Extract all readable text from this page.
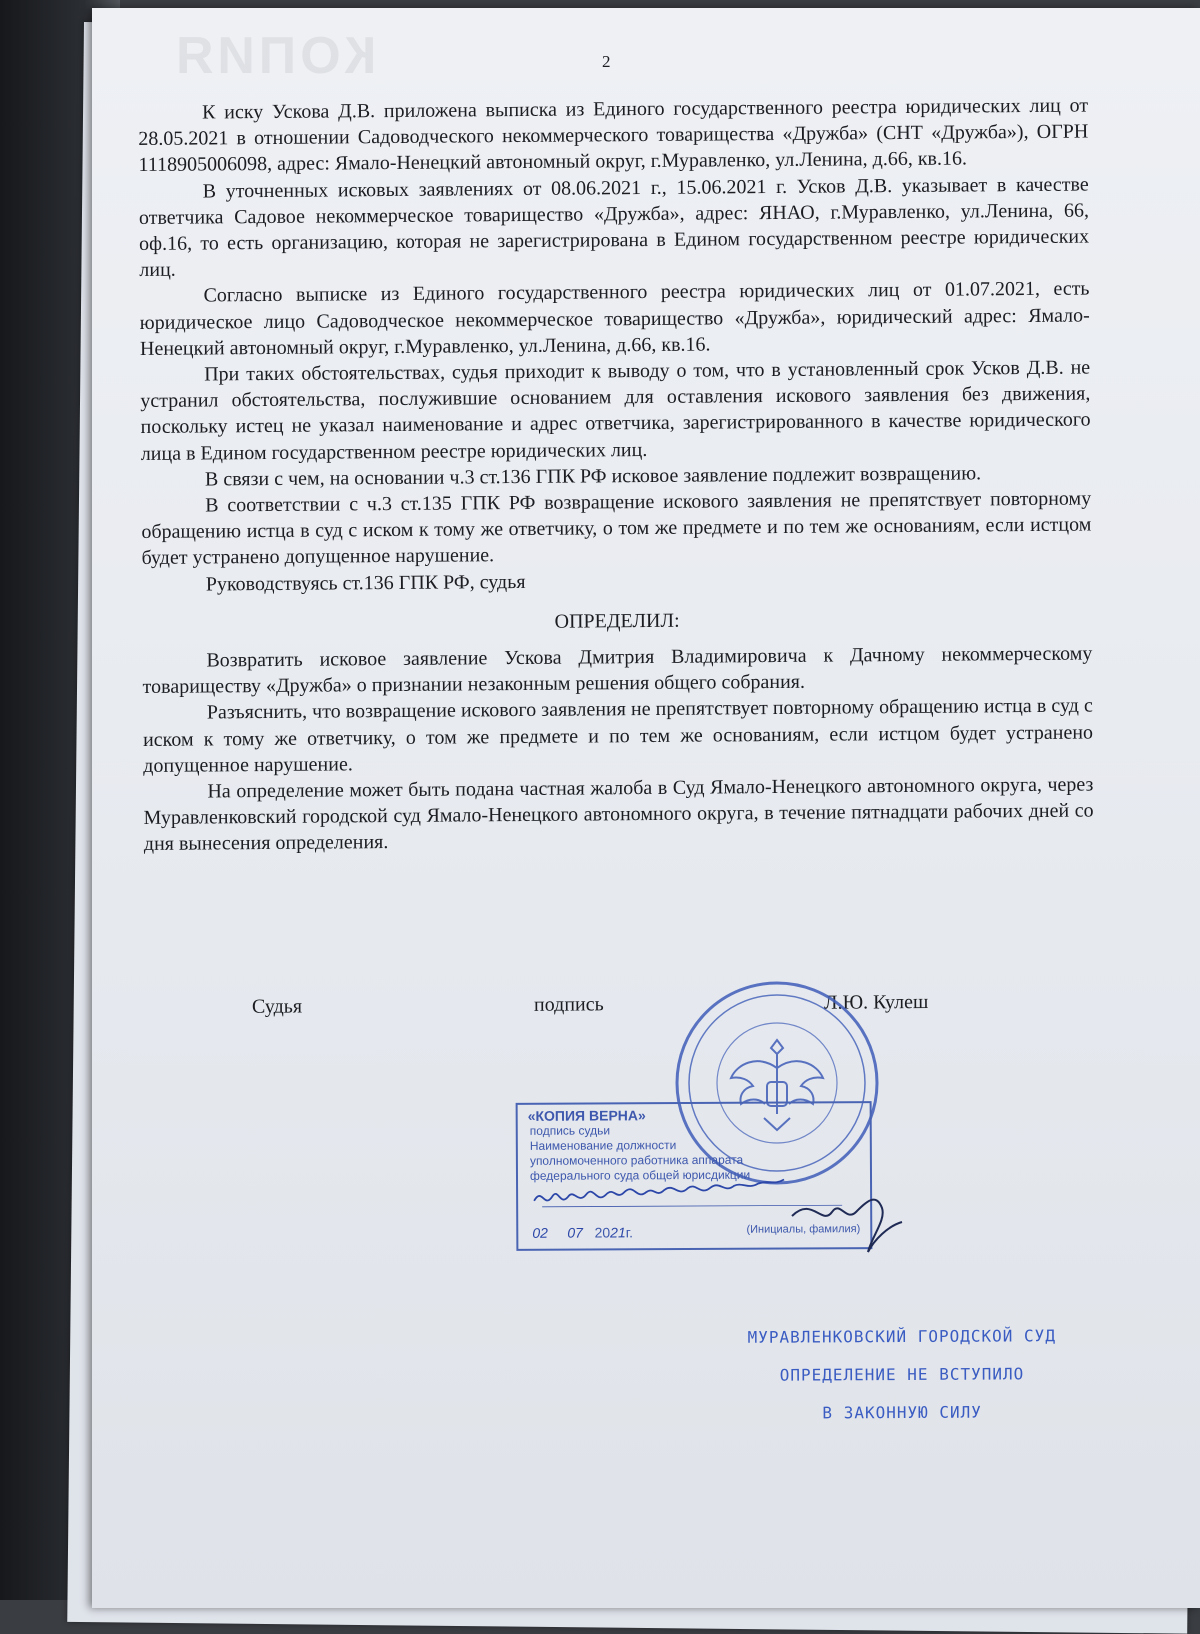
КОПИЯ	2

К иску Ускова Д.В. приложена выписка из Единого государственного реестра юридических лиц от 28.05.2021 в отношении Садоводческого некоммерческого товарищества «Дружба» (СНТ «Дружба»), ОГРН 1118905006098, адрес: Ямало-Ненецкий автономный округ, г.Муравленко, ул.Ленина, д.66, кв.16.

В уточненных исковых заявлениях от 08.06.2021 г., 15.06.2021 г. Усков Д.В. указывает в качестве ответчика Садовое некоммерческое товарищество «Дружба», адрес: ЯНАО, г.Муравленко, ул.Ленина, 66, оф.16, то есть организацию, которая не зарегистрирована в Едином государственном реестре юридических лиц.

Согласно выписке из Единого государственного реестра юридических лиц от 01.07.2021, есть юридическое лицо Садоводческое некоммерческое товарищество «Дружба», юридический адрес: Ямало-Ненецкий автономный округ, г.Муравленко, ул.Ленина, д.66, кв.16.

При таких обстоятельствах, судья приходит к выводу о том, что в установленный срок Усков Д.В. не устранил обстоятельства, послужившие основанием для оставления искового заявления без движения, поскольку истец не указал наименование и адрес ответчика, зарегистрированного в качестве юридического лица в Едином государственном реестре юридических лиц.

В связи с чем, на основании ч.3 ст.136 ГПК РФ исковое заявление подлежит возвращению.

В соответствии с ч.3 ст.135 ГПК РФ возвращение искового заявления не препятствует повторному обращению истца в суд с иском к тому же ответчику, о том же предмете и по тем же основаниям, если истцом будет устранено допущенное нарушение.

Руководствуясь ст.136 ГПК РФ, судья

ОПРЕДЕЛИЛ:

Возвратить исковое заявление Ускова Дмитрия Владимировича к Дачному некоммерческому товариществу «Дружба» о признании незаконным решения общего собрания.

Разъяснить, что возвращение искового заявления не препятствует повторному обращению истца в суд с иском к тому же ответчику, о том же предмете и по тем же основаниям, если истцом будет устранено допущенное нарушение.

На определение может быть подана частная жалоба в Суд Ямало-Ненецкого автономного округа, через Муравленковский городской суд Ямало-Ненецкого автономного округа, в течение пятнадцати рабочих дней со дня вынесения определения.

Судья	подпись	Л.Ю. Кулеш
«КОПИЯ ВЕРНА»
подпись судьи
Наименование должности
уполномоченного работника аппарата
федерального суда общей юрисдикции
02 07 2021г.	(Инициалы, фамилия)
МУРАВЛЕНКОВСКИЙ ГОРОДСКОЙ СУД
ОПРЕДЕЛЕНИЕ НЕ ВСТУПИЛО
В ЗАКОННУЮ СИЛУ
